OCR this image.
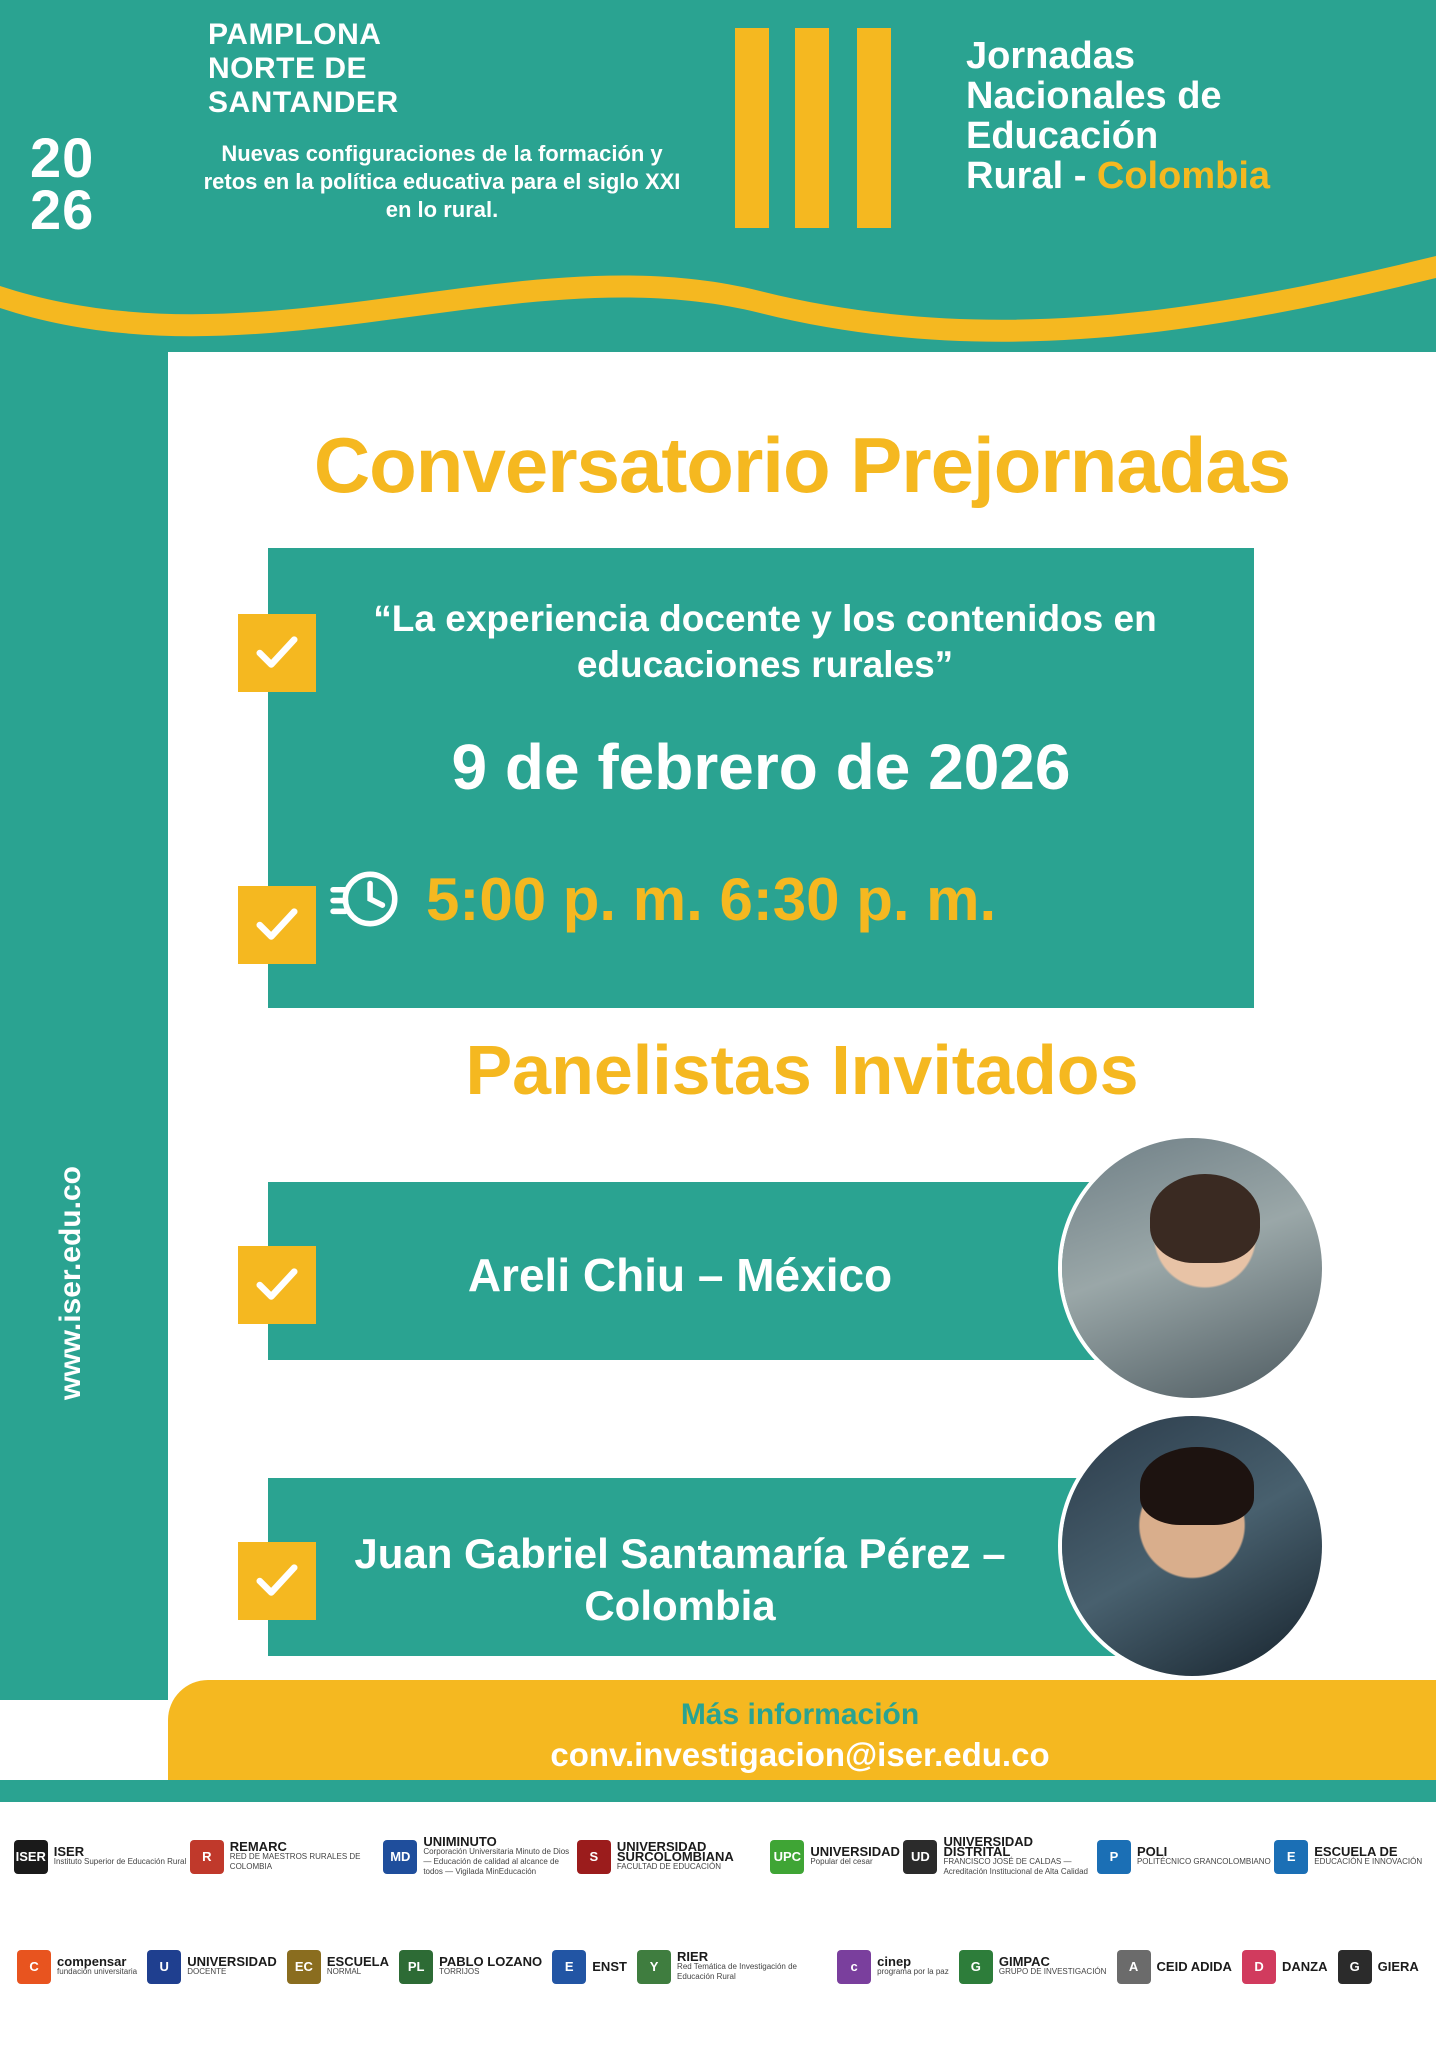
20
26
PAMPLONA
NORTE DE
SANTANDER
Nuevas configuraciones de la formación y retos en la política educativa para el siglo XXI en lo rural.
Jornadas
Nacionales de
Educación
Rural - Colombia
www.iser.edu.co
Conversatorio Prejornadas
“La experiencia docente y los contenidos en educaciones rurales”
9 de febrero de 2026
5:00 p. m. 6:30 p. m.
Panelistas Invitados
Areli Chiu – México
Juan Gabriel Santamaría Pérez – Colombia
Más información
conv.investigacion@iser.edu.co
ISER ISER
Instituto Superior de Educación Rural	R
REMARC
RED DE MAESTROS RURALES DE COLOMBIA
MD
UNIMINUTO
Corporación Universitaria Minuto de Dios — Educación de calidad al alcance de todos — Vigilada MinEducación
S
UNIVERSIDAD SURCOLOMBIANA
FACULTAD DE EDUCACIÓN
UPC UNIVERSIDAD
Popular del cesar	UD
UNIVERSIDAD DISTRITAL
FRANCISCO JOSÉ DE CALDAS — Acreditación Institucional de Alta Calidad
P	POLI
POLITÉCNICO GRANCOLOMBIANO	E	ESCUELA DE
EDUCACIÓN E INNOVACIÓN
C	compensar
fundación universitaria	U	UNIVERSIDAD
DOCENTE	EC	ESCUELA
NORMAL	PL	PABLO LOZANO
TORRIJOS	E	ENST	Y
RIER
Red Temática de Investigación de Educación Rural
c	cinep
programa por la paz	G	GIMPAC
GRUPO DE INVESTIGACIÓN	A	CEID ADIDA	D	DANZA	G	GIERA
